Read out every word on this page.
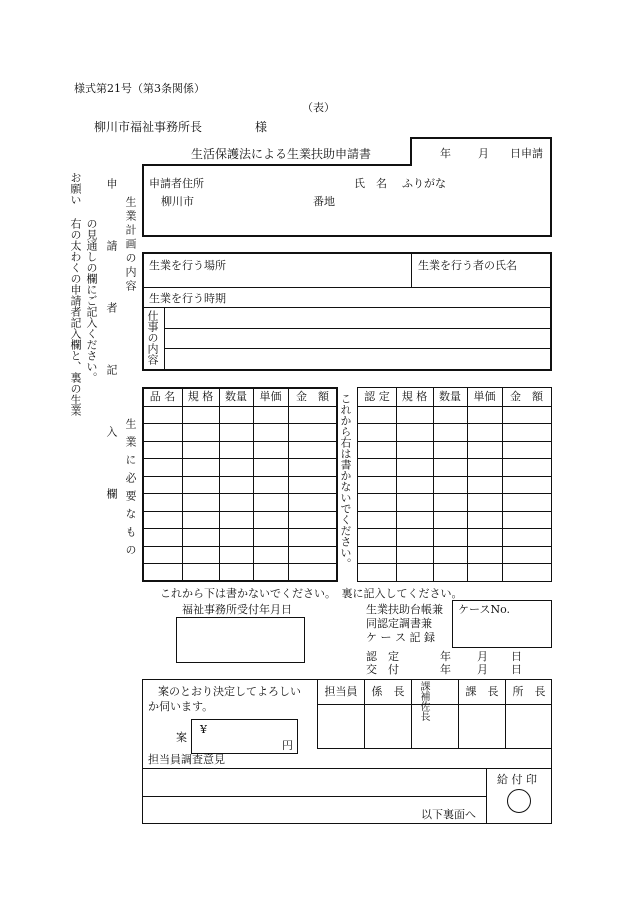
様式第21号（第3条関係）
（表）
柳川市福祉事務所長	様
生活保護法による生業扶助申請書	年 月 日申請
お願い
右の太わくの申請者記入欄と、裏の生業 の見通しの欄にご記入ください。 申　請　者　記　入　欄 生業計画の内容
生業に必要なもの
申請者住所	氏　名 ふりがな
柳川市	番地
生業を行う場所	生業を行う者の氏名
生業を行う時期
仕事の内容
品 名	規 格	数量	単価	金　額	認 定	規 格	数量	単価	金　額
これから右は書かないでください。
これから下は書かないでください。　裏に記入してください。
福祉事務所受付年月日	生業扶助台帳兼
同認定調書兼
ケ ー ス 記 録
ケースNo.
認　定
交　付
年 月 日
年 月 日
案のとおり決定してよろしい
か伺います。
案
¥
円
担当員	係　長	課補佐長	課　長	所　長
担当員調査意見
給 付 印
以下裏面へ
